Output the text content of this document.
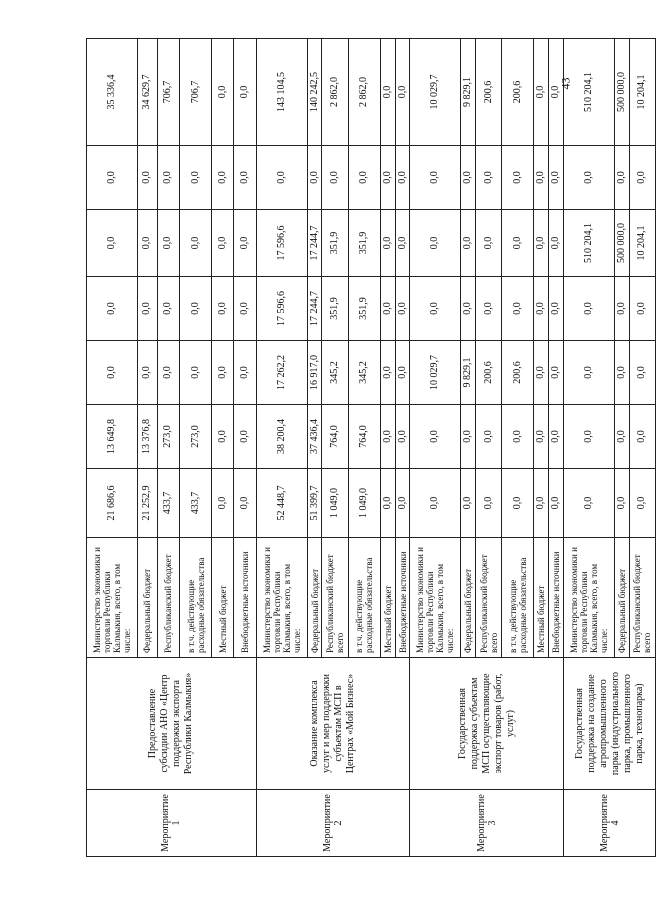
Мероприятие 1	Предоставление субсидии АНО «Центр поддержки экспорта Республики Калмыкия»	Министерство экономики и торговли Республики Калмыкия, всего, в том числе:	21 686,6	13 649,8	0,0	0,0	0,0	0,0	35 336,4
		Федеральный бюджет	21 252,9	13 376,8	0,0	0,0	0,0	0,0	34 629,7
		Республиканский бюджет	433,7	273,0	0,0	0,0	0,0	0,0	706,7
		в т.ч. действующие расходные обязательства	433,7	273,0	0,0	0,0	0,0	0,0	706,7
		Местный бюджет	0,0	0,0	0,0	0,0	0,0	0,0	0,0
		Внебюджетные источники	0,0	0,0	0,0	0,0	0,0	0,0	0,0
Мероприятие 2	Оказание комплекса услуг и мер поддержки субъектам МСП в Центрах «Мой Бизнес»	Министерство экономики и торговли Республики Калмыкия, всего, в том числе:	52 448,7	38 200,4	17 262,2	17 596,6	17 596,6	0,0	143 104,5
		Федеральный бюджет	51 399,7	37 436,4	16 917,0	17 244,7	17 244,7	0,0	140 242,5
		Республиканский бюджет всего	1 049,0	764,0	345,2	351,9	351,9	0,0	2 862,0
		в т.ч. действующие расходные обязательства	1 049,0	764,0	345,2	351,9	351,9	0,0	2 862,0
		Местный бюджет	0,0	0,0	0,0	0,0	0,0	0,0	0,0
		Внебюджетные источники	0,0	0,0	0,0	0,0	0,0	0,0	0,0
Мероприятие 3	Государственная поддержка субъектам МСП осуществляющие экспорт товаров (работ, услуг)	Министерство экономики и торговли Республики Калмыкия, всего, в том числе:	0,0	0,0	10 029,7	0,0	0,0	0,0	10 029,7
		Федеральный бюджет	0,0	0,0	9 829,1	0,0	0,0	0,0	9 829,1
		Республиканский бюджет всего	0,0	0,0	200,6	0,0	0,0	0,0	200,6
		в т.ч. действующие расходные обязательства	0,0	0,0	200,6	0,0	0,0	0,0	200,6
		Местный бюджет	0,0	0,0	0,0	0,0	0,0	0,0	0,0
		Внебюджетные источники	0,0	0,0	0,0	0,0	0,0	0,0	0,0
Мероприятие 4	Государственная поддержка на создание агропромышленного парка (индустриального парка, промышленного парка, технопарка)	Министерство экономики и торговли Республики Калмыкия, всего, в том числе:	0,0	0,0	0,0	0,0	510 204,1	0,0	510 204,1
		Федеральный бюджет	0,0	0,0	0,0	0,0	500 000,0	0,0	500 000,0
		Республиканский бюджет всего	0,0	0,0	0,0	0,0	10 204,1	0,0	10 204,1
43
